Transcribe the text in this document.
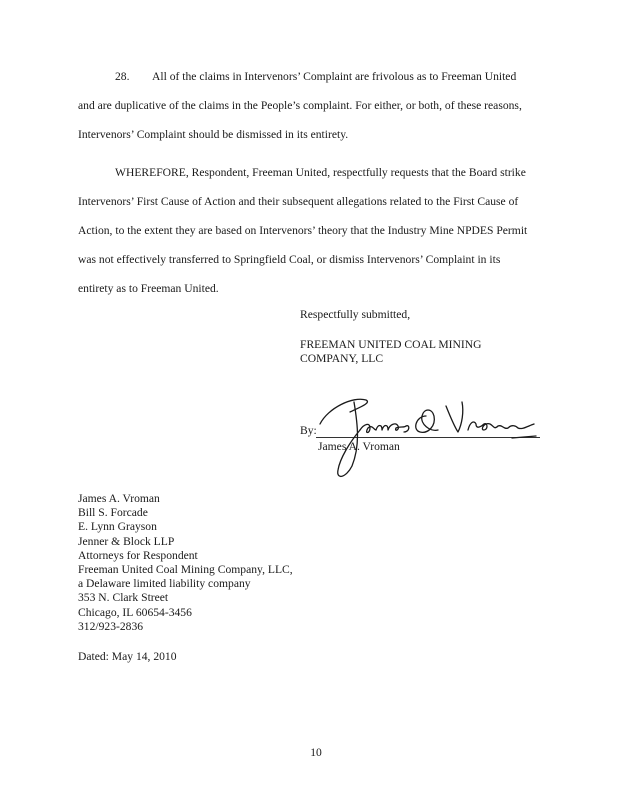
28. All of the claims in Intervenors’ Complaint are frivolous as to Freeman United
and are duplicative of the claims in the People’s complaint. For either, or both, of these reasons,
Intervenors’ Complaint should be dismissed in its entirety.
WHEREFORE, Respondent, Freeman United, respectfully requests that the Board strike
Intervenors’ First Cause of Action and their subsequent allegations related to the First Cause of
Action, to the extent they are based on Intervenors’ theory that the Industry Mine NPDES Permit
was not effectively transferred to Springfield Coal, or dismiss Intervenors’ Complaint in its
entirety as to Freeman United.
Respectfully submitted,
FREEMAN UNITED COAL MINING
COMPANY, LLC
By:
James A. Vroman
James A. Vroman
Bill S. Forcade
E. Lynn Grayson
Jenner & Block LLP
Attorneys for Respondent
Freeman United Coal Mining Company, LLC,
a Delaware limited liability company
353 N. Clark Street
Chicago, IL 60654-3456
312/923-2836
Dated: May 14, 2010
10
